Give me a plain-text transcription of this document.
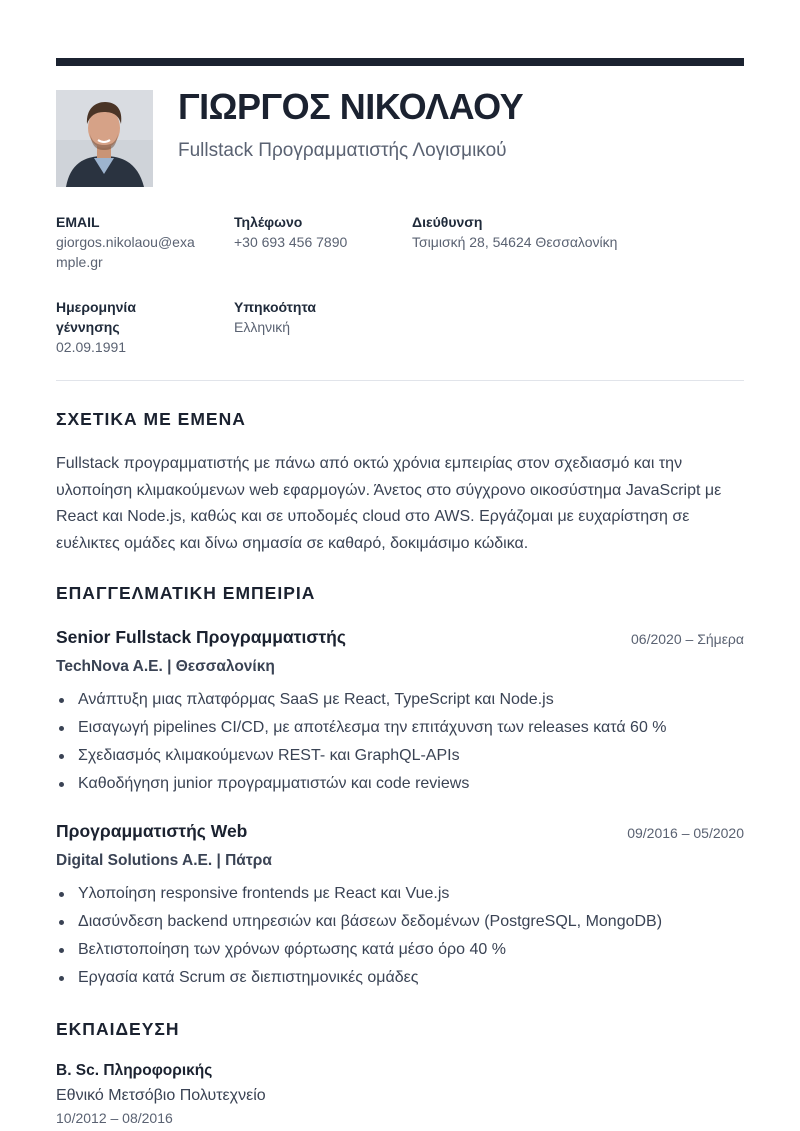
ΓΙΩΡΓΟΣ ΝΙΚΟΛΑΟΥ
Fullstack Προγραμματιστής Λογισμικού
EMAIL
giorgos.nikolaou@exa
mple.gr
Τηλέφωνο
+30 693 456 7890
Διεύθυνση
Τσιμισκή 28, 54624 Θεσσαλονίκη
Ημερομηνία
γέννησης
02.09.1991
Υπηκοότητα
Ελληνική
ΣΧΕΤΙΚΑ ΜΕ ΕΜΕΝΑ
Fullstack προγραμματιστής με πάνω από οκτώ χρόνια εμπειρίας στον σχεδιασμό και την υλοποίηση κλιμακούμενων web εφαρμογών. Άνετος στο σύγχρονο οικοσύστημα JavaScript με React και Node.js, καθώς και σε υποδομές cloud στο AWS. Εργάζομαι με ευχαρίστηση σε ευέλικτες ομάδες και δίνω σημασία σε καθαρό, δοκιμάσιμο κώδικα.
ΕΠΑΓΓΕΛΜΑΤΙΚΗ ΕΜΠΕΙΡΙΑ
Senior Fullstack Προγραμματιστής	06/2020 – Σήμερα
TechNova A.E. | Θεσσαλονίκη
Ανάπτυξη μιας πλατφόρμας SaaS με React, TypeScript και Node.js
Εισαγωγή pipelines CI/CD, με αποτέλεσμα την επιτάχυνση των releases κατά 60 %
Σχεδιασμός κλιμακούμενων REST- και GraphQL-APIs
Καθοδήγηση junior προγραμματιστών και code reviews
Προγραμματιστής Web	09/2016 – 05/2020
Digital Solutions A.E. | Πάτρα
Υλοποίηση responsive frontends με React και Vue.js
Διασύνδεση backend υπηρεσιών και βάσεων δεδομένων (PostgreSQL, MongoDB)
Βελτιστοποίηση των χρόνων φόρτωσης κατά μέσο όρο 40 %
Εργασία κατά Scrum σε διεπιστημονικές ομάδες
ΕΚΠΑΙΔΕΥΣΗ
B. Sc. Πληροφορικής
Εθνικό Μετσόβιο Πολυτεχνείο
10/2012 – 08/2016
